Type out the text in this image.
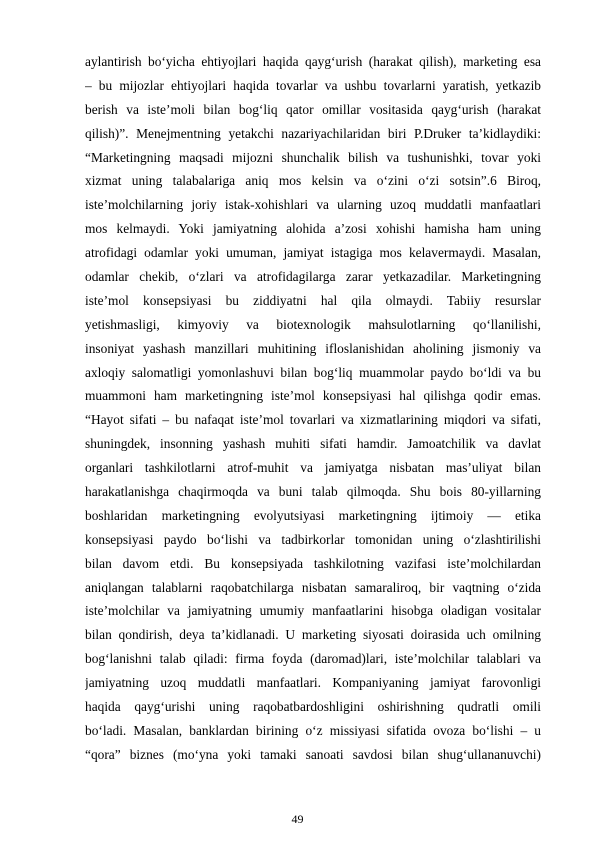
aylantirish bo‘yicha ehtiyojlari haqida qayg‘urish (harakat qilish), marketing esa
– bu mijozlar ehtiyojlari haqida tovarlar va ushbu tovarlarni yaratish, yetkazib
berish va iste’moli bilan bog‘liq qator omillar vositasida qayg‘urish (harakat
qilish)”. Menejmentning yetakchi nazariyachilaridan biri P.Druker ta’kidlaydiki:
“Marketingning maqsadi mijozni shunchalik bilish va tushunishki, tovar yoki
xizmat uning talabalariga aniq mos kelsin va o‘zini o‘zi sotsin”.6 Biroq,
iste’molchilarning joriy istak-xohishlari va ularning uzoq muddatli manfaatlari
mos kelmaydi. Yoki jamiyatning alohida a’zosi xohishi hamisha ham uning
atrofidagi odamlar yoki umuman, jamiyat istagiga mos kelavermaydi. Masalan,
odamlar chekib, o‘zlari va atrofidagilarga zarar yetkazadilar. Marketingning
iste’mol konsepsiyasi bu ziddiyatni hal qila olmaydi. Tabiiy resurslar
yetishmasligi, kimyoviy va biotexnologik mahsulotlarning qo‘llanilishi,
insoniyat yashash manzillari muhitining ifloslanishidan aholining jismoniy va
axloqiy salomatligi yomonlashuvi bilan bog‘liq muammolar paydo bo‘ldi va bu
muammoni ham marketingning iste’mol konsepsiyasi hal qilishga qodir emas.
“Hayot sifati – bu nafaqat iste’mol tovarlari va xizmatlarining miqdori va sifati,
shuningdek, insonning yashash muhiti sifati hamdir. Jamoatchilik va davlat
organlari tashkilotlarni atrof-muhit va jamiyatga nisbatan mas’uliyat bilan
harakatlanishga chaqirmoqda va buni talab qilmoqda. Shu bois 80-yillarning
boshlaridan marketingning evolyutsiyasi marketingning ijtimoiy — etika
konsepsiyasi paydo bo‘lishi va tadbirkorlar tomonidan uning o‘zlashtirilishi
bilan davom etdi. Bu konsepsiyada tashkilotning vazifasi iste’molchilardan
aniqlangan talablarni raqobatchilarga nisbatan samaraliroq, bir vaqtning o‘zida
iste’molchilar va jamiyatning umumiy manfaatlarini hisobga oladigan vositalar
bilan qondirish, deya ta’kidlanadi. U marketing siyosati doirasida uch omilning
bog‘lanishni talab qiladi: firma foyda (daromad)lari, iste’molchilar talablari va
jamiyatning uzoq muddatli manfaatlari. Kompaniyaning jamiyat farovonligi
haqida qayg‘urishi uning raqobatbardoshligini oshirishning qudratli omili
bo‘ladi. Masalan, banklardan birining o‘z missiyasi sifatida ovoza bo‘lishi – u
“qora” biznes (mo‘yna yoki tamaki sanoati savdosi bilan shug‘ullananuvchi)
49
